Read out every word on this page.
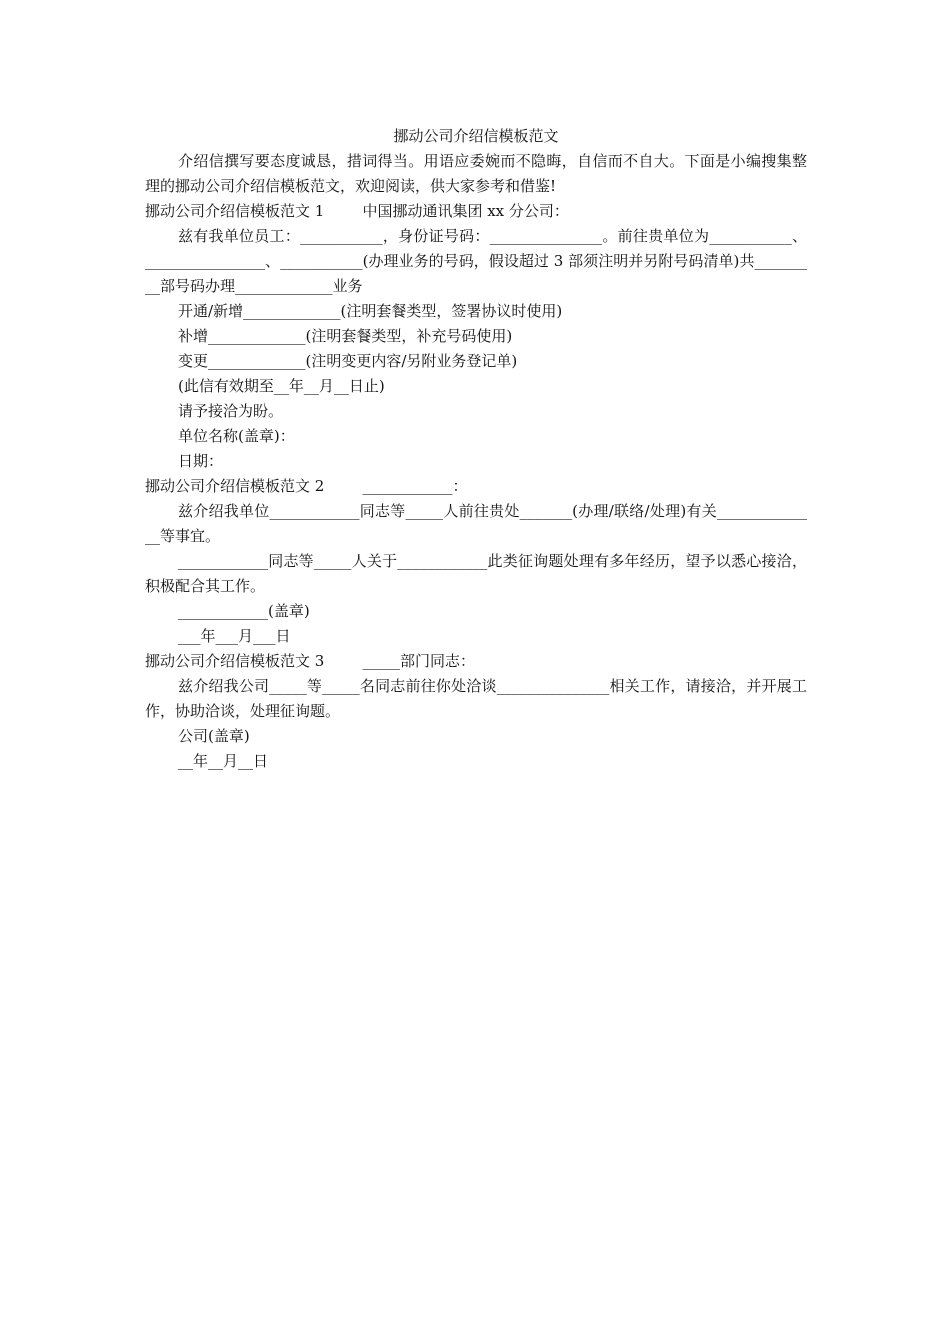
挪动公司介绍信模板范文

介绍信撰写要态度诚恳，措词得当。用语应委婉而不隐晦，自信而不自大。下面是小编搜集整理的挪动公司介绍信模板范文，欢迎阅读，供大家参考和借鉴!

挪动公司介绍信模板范文 1        中国挪动通讯集团 xx 分公司：

兹有我单位员工：___________，身份证号码：_______________。前往贵单位为___________、________________、___________(办理业务的号码，假设超过 3 部须注明并另附号码清单)共_________部号码办理_____________业务

开通/新增_____________(注明套餐类型，签署协议时使用)

补增_____________(注明套餐类型，补充号码使用)

变更_____________(注明变更内容/另附业务登记单)

(此信有效期至__年__月__日止)

请予接洽为盼。

单位名称(盖章)：

日期：

挪动公司介绍信模板范文 2        ____________：

兹介绍我单位____________同志等_____人前往贵处_______(办理/联络/处理)有关______________等事宜。

____________同志等_____人关于____________此类征询题处理有多年经历，望予以悉心接洽，积极配合其工作。

____________(盖章)

___年___月___日

挪动公司介绍信模板范文 3        _____部门同志：

兹介绍我公司_____等_____名同志前往你处洽谈_______________相关工作，请接洽，并开展工作，协助洽谈，处理征询题。

公司(盖章)

__年__月__日
